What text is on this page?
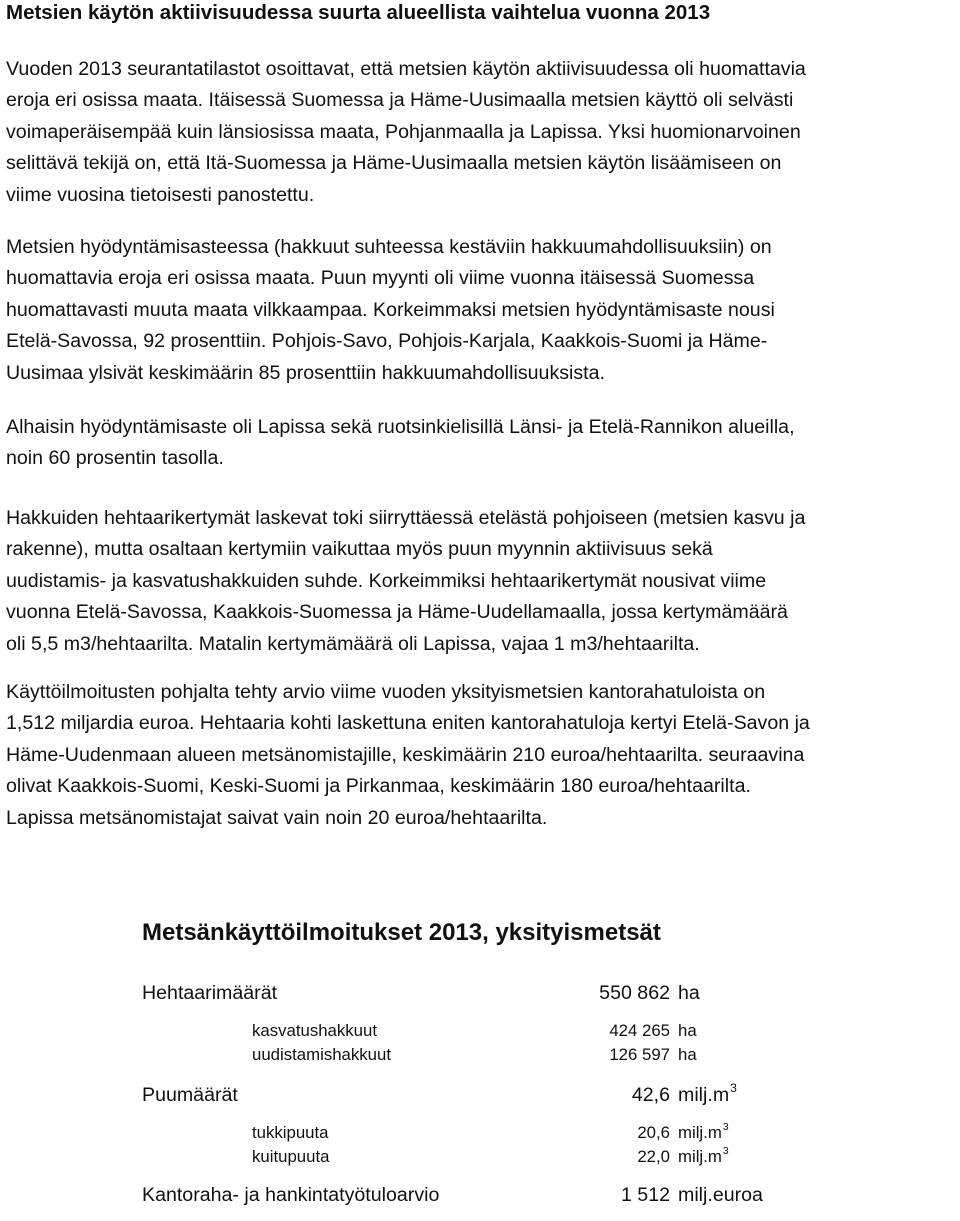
Metsien käytön aktiivisuudessa suurta alueellista vaihtelua vuonna 2013

Vuoden 2013 seurantatilastot osoittavat, että metsien käytön aktiivisuudessa oli huomattavia
eroja eri osissa maata. Itäisessä Suomessa ja Häme-Uusimaalla metsien käyttö oli selvästi
voimaperäisempää kuin länsiosissa maata, Pohjanmaalla ja Lapissa. Yksi huomionarvoinen
selittävä tekijä on, että Itä-Suomessa ja Häme-Uusimaalla metsien käytön lisäämiseen on
viime vuosina tietoisesti panostettu.

Metsien hyödyntämisasteessa (hakkuut suhteessa kestäviin hakkuumahdollisuuksiin) on
huomattavia eroja eri osissa maata. Puun myynti oli viime vuonna itäisessä Suomessa
huomattavasti muuta maata vilkkaampaa. Korkeimmaksi metsien hyödyntämisaste nousi
Etelä-Savossa, 92 prosenttiin. Pohjois-Savo, Pohjois-Karjala, Kaakkois-Suomi ja Häme-
Uusimaa ylsivät keskimäärin 85 prosenttiin hakkuumahdollisuuksista.

Alhaisin hyödyntämisaste oli Lapissa sekä ruotsinkielisillä Länsi- ja Etelä-Rannikon alueilla,
noin 60 prosentin tasolla.

Hakkuiden hehtaarikertymät laskevat toki siirryttäessä etelästä pohjoiseen (metsien kasvu ja
rakenne), mutta osaltaan kertymiin vaikuttaa myös puun myynnin aktiivisuus sekä
uudistamis- ja kasvatushakkuiden suhde. Korkeimmiksi hehtaarikertymät nousivat viime
vuonna Etelä-Savossa, Kaakkois-Suomessa ja Häme-Uudellamaalla, jossa kertymämäärä
oli 5,5 m3/hehtaarilta. Matalin kertymämäärä oli Lapissa, vajaa 1 m3/hehtaarilta.

Käyttöilmoitusten pohjalta tehty arvio viime vuoden yksityismetsien kantorahatuloista on
1,512 miljardia euroa. Hehtaaria kohti laskettuna eniten kantorahatuloja kertyi Etelä-Savon ja
Häme-Uudenmaan alueen metsänomistajille, keskimäärin 210 euroa/hehtaarilta. seuraavina
olivat Kaakkois-Suomi, Keski-Suomi ja Pirkanmaa, keskimäärin 180 euroa/hehtaarilta.
Lapissa metsänomistajat saivat vain noin 20 euroa/hehtaarilta.

Metsänkäyttöilmoitukset 2013, yksityismetsät
Hehtaarimäärät	550 862 ha
kasvatushakkuut	424 265 ha
uudistamishakkuut	126 597 ha
Puumäärät	42,6 $milj.m^3$
tukkipuuta	20,6 $milj.m^3$
kuitupuuta	22,0 $milj.m^3$
Kantoraha- ja hankintatyötuloarvio	1 512 milj.euroa
